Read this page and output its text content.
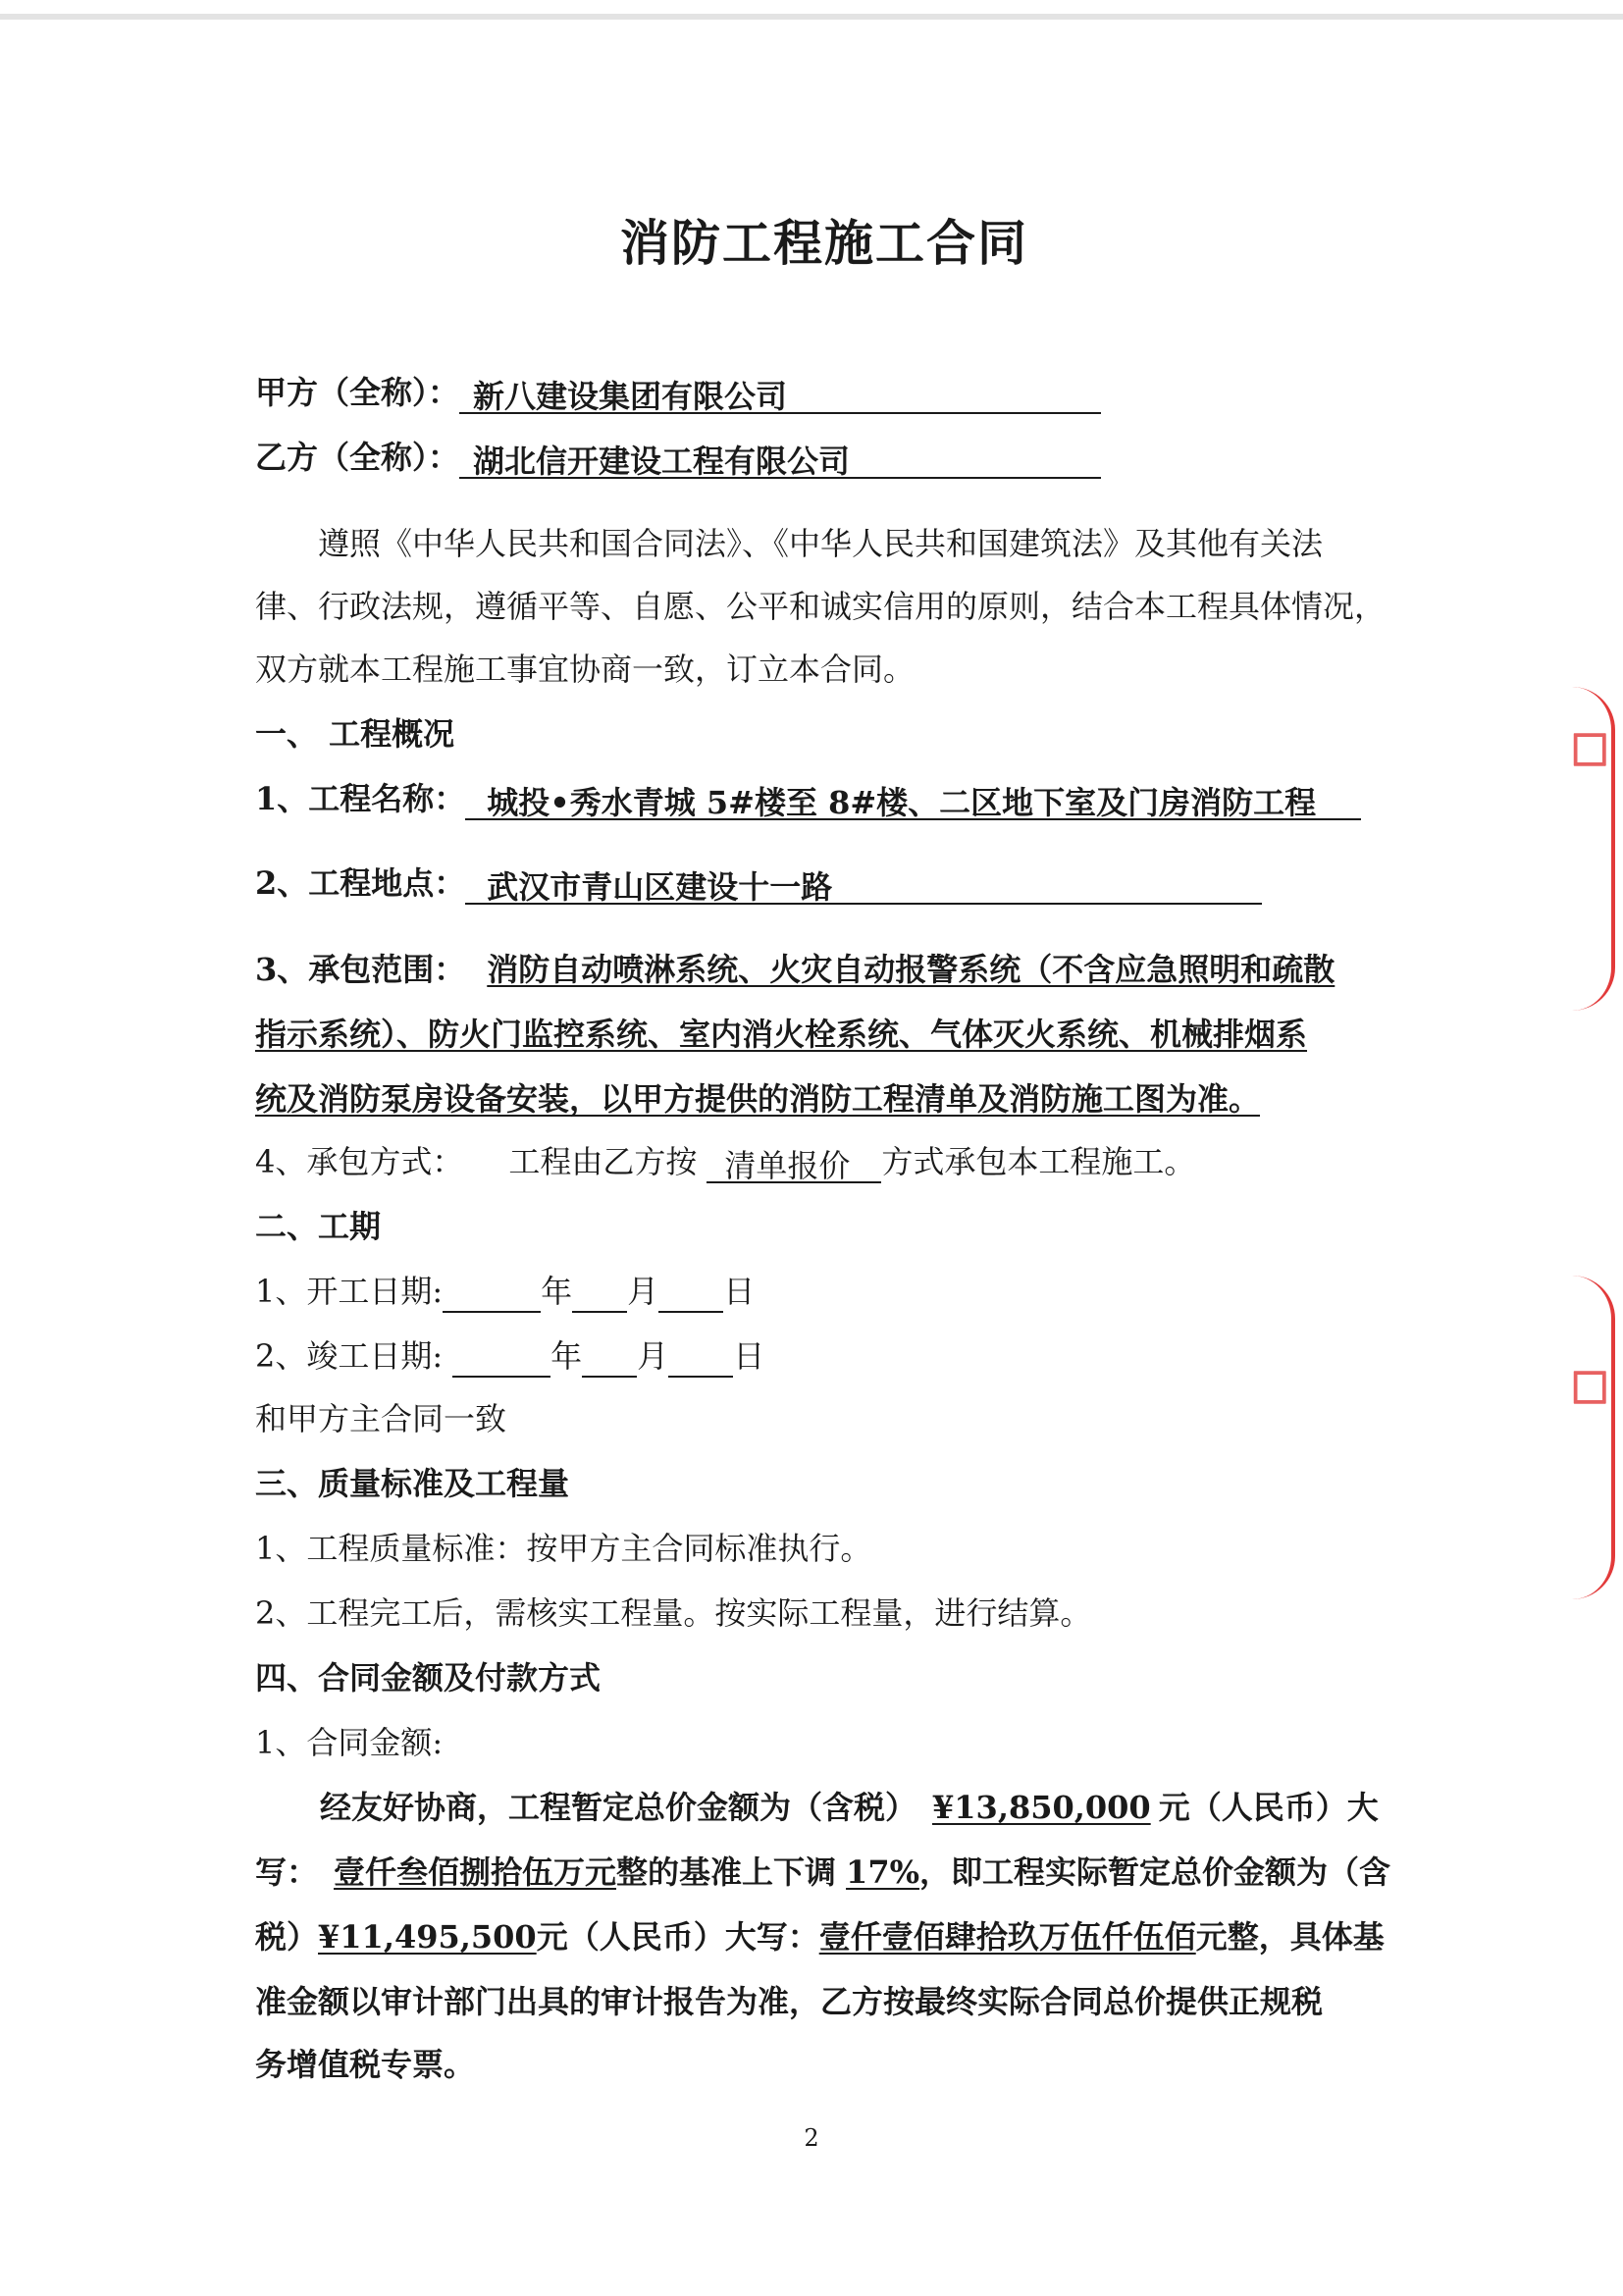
☐
☐
消防工程施工合同
甲方（全称）： 新八建设集团有限公司
乙方（全称）： 湖北信开建设工程有限公司
遵照《中华人民共和国合同法》、《中华人民共和国建筑法》及其他有关法
律、行政法规，遵循平等、自愿、公平和诚实信用的原则，结合本工程具体情况，
双方就本工程施工事宜协商一致，订立本合同。
一、 工程概况
1、工程名称： 城投•秀水青城 5#楼至 8#楼、二区地下室及门房消防工程
2、工程地点： 武汉市青山区建设十一路
3、承包范围： 消防自动喷淋系统、火灾自动报警系统（不含应急照明和疏散
指示系统）、防火门监控系统、室内消火栓系统、气体灭火系统、机械排烟系
统及消防泵房设备安装，以甲方提供的消防工程清单及消防施工图为准。
4、承包方式： 工程由乙方按 清单报价 方式承包本工程施工。
二、工期
1、开工日期:	年 月 日
2、竣工日期:	年 月 日
和甲方主合同一致
三、质量标准及工程量
1、工程质量标准：按甲方主合同标准执行。
2、工程完工后，需核实工程量。按实际工程量，进行结算。
四、合同金额及付款方式
1、合同金额:
经友好协商，工程暂定总价金额为（含税） ¥13,850,000 元（人民币）大
写： 壹仟叁佰捌拾伍万元整的基准上下调 17%，即工程实际暂定总价金额为（含
税）¥11,495,500元（人民币）大写：壹仟壹佰肆拾玖万伍仟伍佰元整，具体基
准金额以审计部门出具的审计报告为准，乙方按最终实际合同总价提供正规税
务增值税专票。
2
